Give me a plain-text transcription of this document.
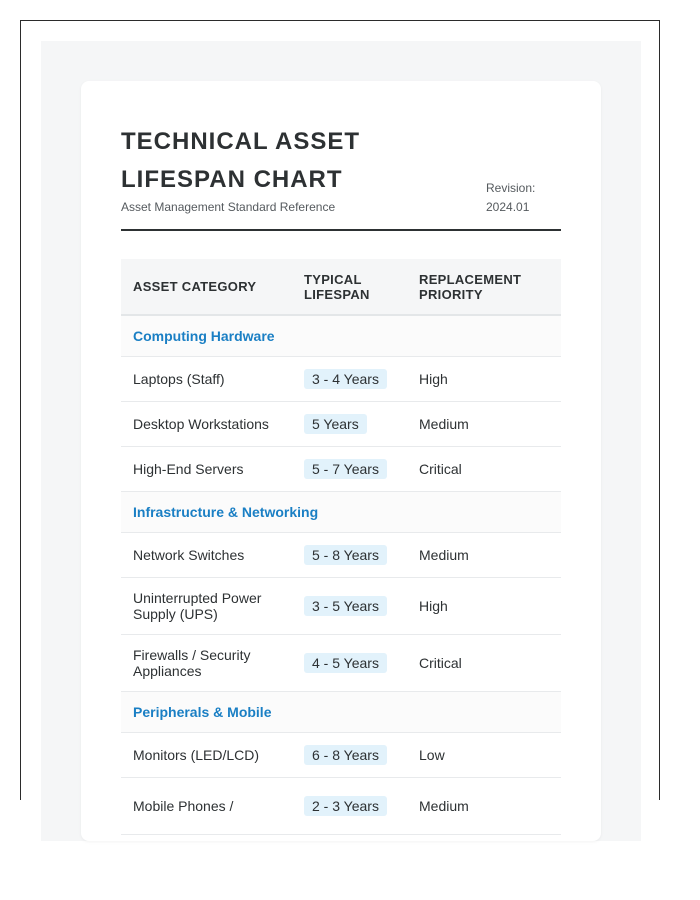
TECHNICAL ASSET LIFESPAN CHART
Asset Management Standard Reference
Revision:
2024.01
ASSET CATEGORY	TYPICAL LIFESPAN	REPLACEMENT PRIORITY
Computing Hardware		
Laptops (Staff)	3 - 4 Years	High
Desktop Workstations	5 Years	Medium
High-End Servers	5 - 7 Years	Critical
Infrastructure & Networking		
Network Switches	5 - 8 Years	Medium
Uninterrupted Power Supply (UPS)	3 - 5 Years	High
Firewalls / Security Appliances	4 - 5 Years	Critical
Peripherals & Mobile		
Monitors (LED/LCD)	6 - 8 Years	Low
Mobile Phones /	2 - 3 Years	Medium
